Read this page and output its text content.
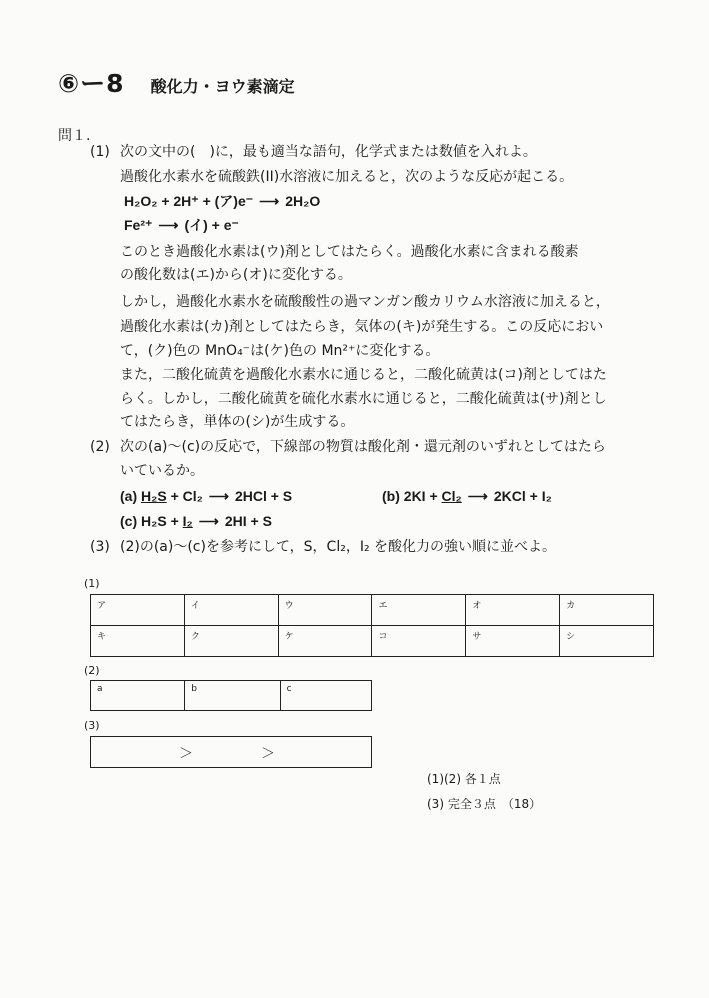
⑥ー8 酸化力・ヨウ素滴定
問１.
(1) 次の文中の(　)に，最も適当な語句，化学式または数値を入れよ。
過酸化水素水を硫酸鉄(II)水溶液に加えると，次のような反応が起こる。
H₂O₂ + 2H⁺ + (ア)e⁻ ⟶ 2H₂O
Fe²⁺ ⟶ (イ) + e⁻
このとき過酸化水素は(ウ)剤としてはたらく。過酸化水素に含まれる酸素
の酸化数は(エ)から(オ)に変化する。
しかし，過酸化水素水を硫酸酸性の過マンガン酸カリウム水溶液に加えると，
過酸化水素は(カ)剤としてはたらき，気体の(キ)が発生する。この反応におい
て，(ク)色の MnO₄⁻は(ケ)色の Mn²⁺に変化する。
また，二酸化硫黄を過酸化水素水に通じると，二酸化硫黄は(コ)剤としてはた
らく。しかし，二酸化硫黄を硫化水素水に通じると，二酸化硫黄は(サ)剤とし
てはたらき，単体の(シ)が生成する。
(2) 次の(a)～(c)の反応で，下線部の物質は酸化剤・還元剤のいずれとしてはたら
いているか。
(a) H₂S + Cl₂ ⟶ 2HCl + S	(b) 2KI + Cl₂ ⟶ 2KCl + I₂
(c) H₂S + I₂ ⟶ 2HI + S
(3) (2)の(a)～(c)を参考にして，S，Cl₂，I₂ を酸化力の強い順に並べよ。
(1)
ア	イ	ウ	エ	オ	カ
キ	ク	ケ	コ	サ	シ
(2)
a	b	c
(3)
＞	＞
(1)(2) 各１点
(3) 完全３点　（18）
